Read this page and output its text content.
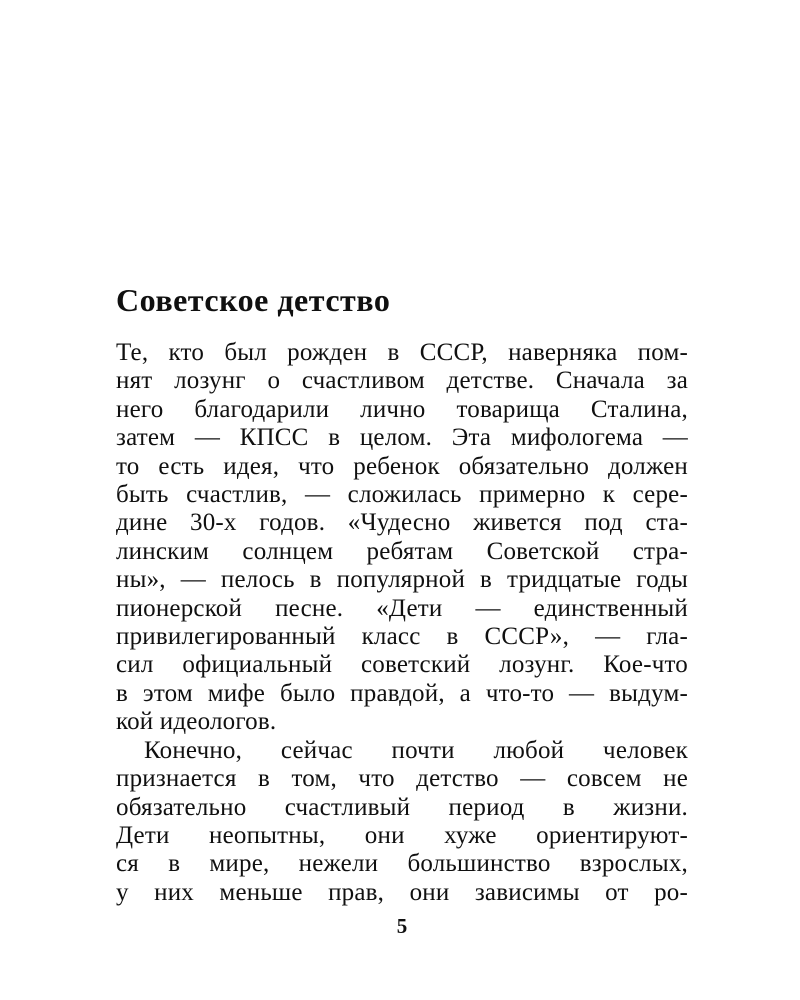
Советское детство
Те, кто был рожден в СССР, наверняка пом-
нят лозунг о счастливом детстве. Сначала за
него благодарили лично товарища Сталина,
затем — КПСС в целом. Эта мифологема —
то есть идея, что ребенок обязательно должен
быть счастлив, — сложилась примерно к сере-
дине 30-х годов. «Чудесно живется под ста-
линским солнцем ребятам Советской стра-
ны», — пелось в популярной в тридцатые годы
пионерской песне. «Дети — единственный
привилегированный класс в СССР», — гла-
сил официальный советский лозунг. Кое-что
в этом мифе было правдой, а что-то — выдум-
кой идеологов.
Конечно, сейчас почти любой человек
признается в том, что детство — совсем не
обязательно счастливый период в жизни.
Дети неопытны, они хуже ориентируют-
ся в мире, нежели большинство взрослых,
у них меньше прав, они зависимы от ро-
5
